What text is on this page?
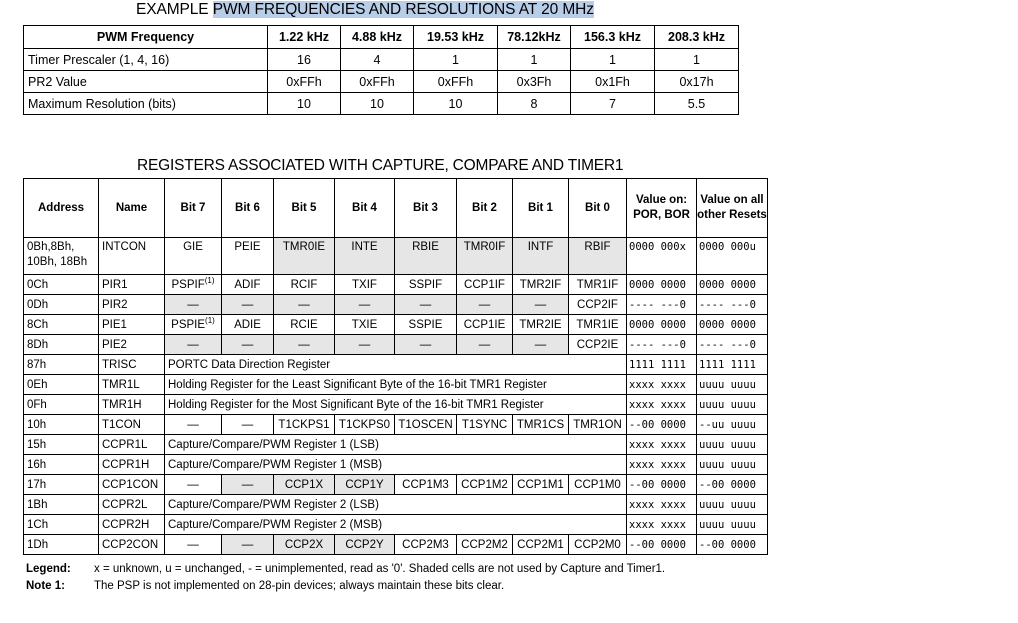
EXAMPLE PWM FREQUENCIES AND RESOLUTIONS AT 20 MHz
PWM Frequency	1.22 kHz	4.88 kHz	19.53 kHz	78.12kHz	156.3 kHz	208.3 kHz
Timer Prescaler (1, 4, 16)	16	4	1	1	1	1
PR2 Value	0xFFh	0xFFh	0xFFh	0x3Fh	0x1Fh	0x17h
Maximum Resolution (bits)	10	10	10	8	7	5.5
REGISTERS ASSOCIATED WITH CAPTURE, COMPARE AND TIMER1
Address	Name	Bit 7	Bit 6	Bit 5	Bit 4	Bit 3	Bit 2	Bit 1	Bit 0	Value on: POR, BOR	Value on all other Resets
0Bh,8Bh, 10Bh, 18Bh	INTCON	GIE	PEIE	TMR0IE	INTE	RBIE	TMR0IF	INTF	RBIF	0000 000x	0000 000u
0Ch	PIR1	PSPIF$^{(1)}$	ADIF	RCIF	TXIF	SSPIF	CCP1IF	TMR2IF	TMR1IF	0000 0000	0000 0000
0Dh	PIR2	—	—	—	—	—	—	—	CCP2IF	---- ---0	---- ---0
8Ch	PIE1	PSPIE$^{(1)}$	ADIE	RCIE	TXIE	SSPIE	CCP1IE	TMR2IE	TMR1IE	0000 0000	0000 0000
8Dh	PIE2	—	—	—	—	—	—	—	CCP2IE	---- ---0	---- ---0
87h	TRISC	PORTC Data Direction Register								1111 1111	1111 1111
0Eh	TMR1L	Holding Register for the Least Significant Byte of the 16-bit TMR1 Register								xxxx xxxx	uuuu uuuu
0Fh	TMR1H	Holding Register for the Most Significant Byte of the 16-bit TMR1 Register								xxxx xxxx	uuuu uuuu
10h	T1CON	—	—	T1CKPS1	T1CKPS0	T1OSCEN	T1SYNC	TMR1CS	TMR1ON	--00 0000	--uu uuuu
15h	CCPR1L	Capture/Compare/PWM Register 1 (LSB)								xxxx xxxx	uuuu uuuu
16h	CCPR1H	Capture/Compare/PWM Register 1 (MSB)								xxxx xxxx	uuuu uuuu
17h	CCP1CON	—	—	CCP1X	CCP1Y	CCP1M3	CCP1M2	CCP1M1	CCP1M0	--00 0000	--00 0000
1Bh	CCPR2L	Capture/Compare/PWM Register 2 (LSB)								xxxx xxxx	uuuu uuuu
1Ch	CCPR2H	Capture/Compare/PWM Register 2 (MSB)								xxxx xxxx	uuuu uuuu
1Dh	CCP2CON	—	—	CCP2X	CCP2Y	CCP2M3	CCP2M2	CCP2M1	CCP2M0	--00 0000	--00 0000
Legend: x = unknown, u = unchanged, - = unimplemented, read as '0'. Shaded cells are not used by Capture and Timer1.
Note 1:	The PSP is not implemented on 28-pin devices; always maintain these bits clear.
